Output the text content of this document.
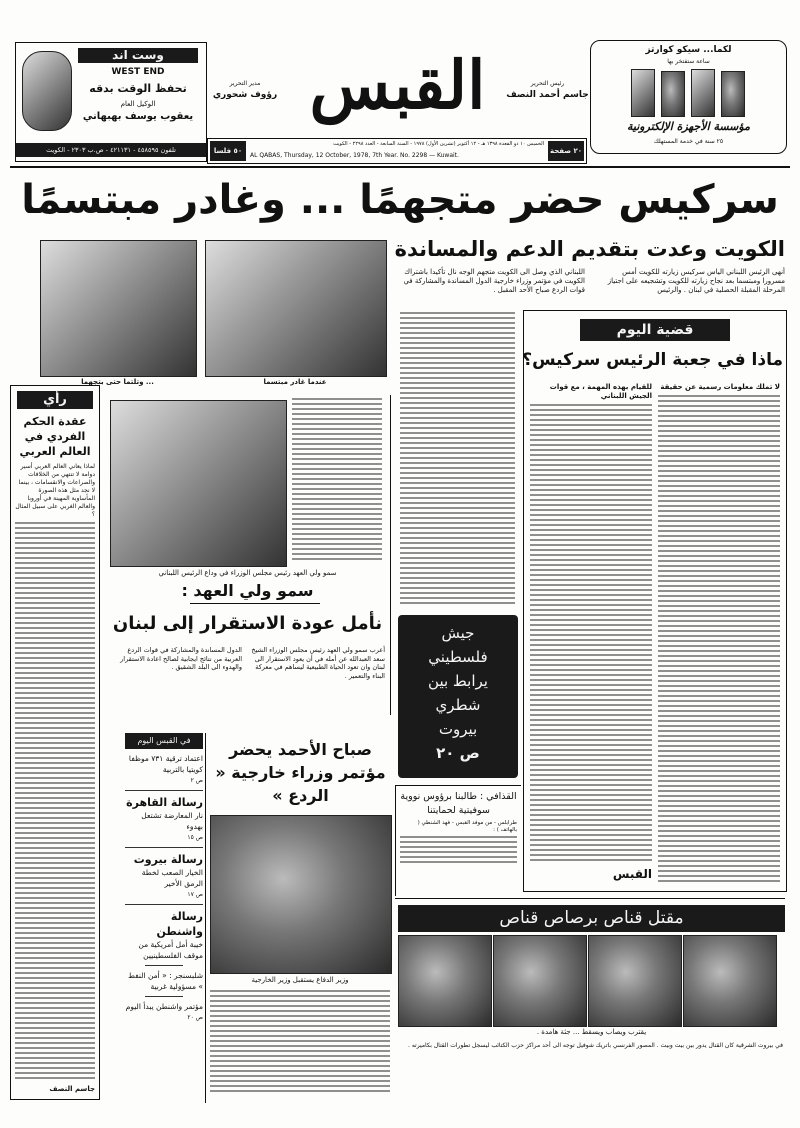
وست اند
WEST END
تحفظ الوقت بدقه
الوكيل العام
يعقوب يوسف بهبهاني
تلفون ٤٥٨٥٩٥ - ٤٢١١٣١ - ص.ب ٢٣٠٣ - الكويت
مدير التحرير
رؤوف شحوري
رئيس التحرير
جاسم أحمد النصف
القبس
٢٠ صفحة
الخميس ١٠ ذو القعدة ١٣٩٨ هـ - ١٢ أكتوبر (تشرين الأول) ١٩٧٨ - السنة السابعة - العدد ٢٢٩٨ - الكويت
AL QABAS, Thursday, 12 October, 1978, 7th Year. No. 2298 — Kuwait.
٥٠ فلسا
لكما... سيكو كوارتز
ساعة ستفتخر بها
مؤسسة الأجهزة الإلكترونية
٢٥ سنة في خدمة المستهلك
سركيس حضر متجهمًا ... وغادر مبتسمًا
الكويت وعدت بتقديم الدعم والمساندة
... وتلتما حتى بتجهما	عندما غادر مبتسما
أنهى الرئيس اللبناني الياس سركيس زيارته للكويت أمس مسرورا ومبتسما بعد نجاح زيارته للكويت وتشجيعه على اجتياز المرحلة المقبلة الحصلية في لبنان . والرئيس
اللبناني الذي وصل الى الكويت متجهم الوجه نال تأكيدا باشتراك الكويت في مؤتمر وزراء خارجية الدول المساندة والمشاركة في قوات الردع صباح الأحد المقبل .
قضية اليوم
ماذا في جعبة الرئيس سركيس؟
لا تملك معلومات رسمية عن حقيقة
للقيام بهذه المهمة ، مع قوات الجيش اللبناني
القبس
رأي
عقدة الحكم الفردي في العالم العربي
لماذا يعاني العالم العربي أسير دوامة لا تنتهي من الخلافات والصراعات والانقسامات ، بينما لا نجد مثل هذه الصورة المأساوية المهينة في أوروبا والعالم الغربي على سبيل المثال ؟
جاسم النصف
سمو ولي العهد رئيس مجلس الوزراء في وداع الرئيس اللبناني
سمو ولي العهد :
نأمل عودة الاستقرار إلى لبنان
أعرب سمو ولي العهد رئيس مجلس الوزراء الشيخ سعد العبدالله عن أمله في أن يعود الاستقرار الى لبنان وان تعود الحياة الطبيعية ليساهم في معركة البناء والتعمير .
الدول المساندة والمشاركة في قوات الردع العربية من نتائج ايجابية لصالح اعادة الاستقرار والهدوء الى البلد الشقيق .
جيش
فلسطيني
يرابط بين
شطري
بيروت
ص ٢٠
في القبس اليوم
اعتماد ترقية ٧٣١ موظفا كويتيا بالتربية
ص ٢
رسالة القاهرة
نار المعارضة تشتعل بهدوء
ص ١٥
رسالة بيروت
الخيار الصعب لخطة الرمق الأخير
ص ١٧
رسالة واشنطن
خيبة أمل أمريكية من موقف الفلسطينيين
شلبسنجر : « أمن النفط » مسؤولية غربية
مؤتمر واشنطن يبدأ اليوم
ص ٢٠
صباح الأحمد يحضر مؤتمر وزراء خارجية « الردع »
وزير الدفاع يستقبل وزير الخارجية
القذافي : طالبنا برؤوس نووية سوفيتية لحمايتنا
طرابلس - من موفد القبس - فهد الشنطي ( بالهاتف ) :
مقتل قناص برصاص قناص
يقترب ويصاب ويسقط ... جثة هامدة .
في بيروت الشرقية كان القتال يدور بين بيت وبيت . المصور الفرنسي باتريك شوفيل توجه الى أحد مراكز حزب الكتائب ليسجل تطورات القتال بكاميرته .
